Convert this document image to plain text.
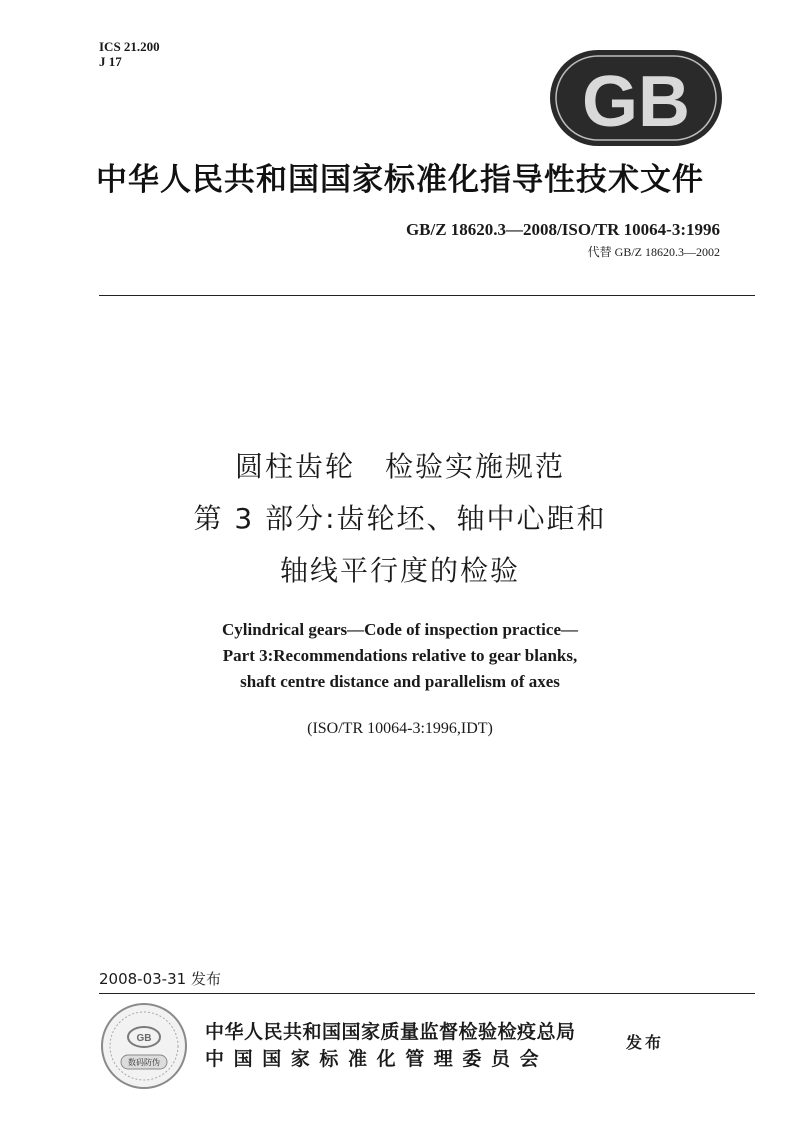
ICS 21.200
J 17
GB
中华人民共和国国家标准化指导性技术文件
GB/Z 18620.3—2008/ISO/TR 10064-3:1996
代替 GB/Z 18620.3—2002
圆柱齿轮　检验实施规范
第 3 部分:齿轮坯、轴中心距和
轴线平行度的检验
Cylindrical gears—Code of inspection practice—
Part 3:Recommendations relative to gear blanks,
shaft centre distance and parallelism of axes
(ISO/TR 10064-3:1996,IDT)
2008-03-31 发布
GB
数码防伪
中华人民共和国国家质量监督检验检疫总局
中国国家标准化管理委员会
发布
